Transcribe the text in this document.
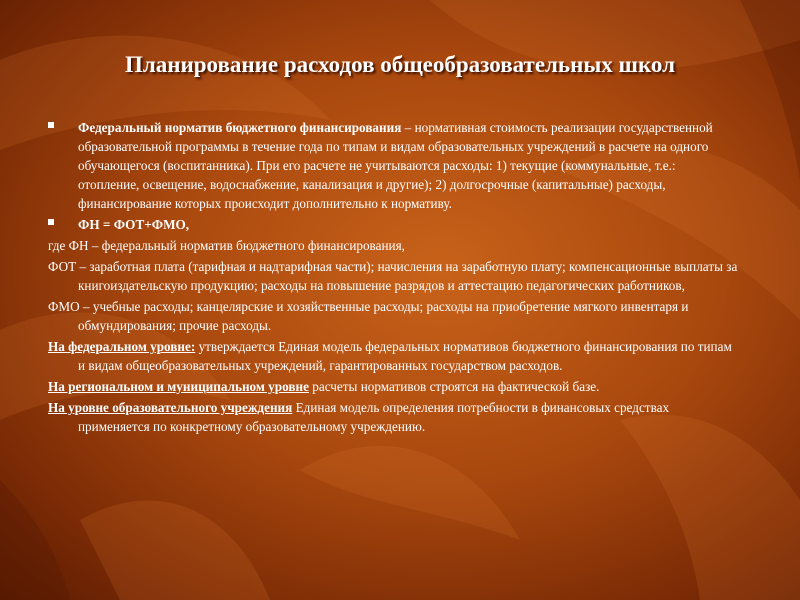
Планирование расходов общеобразовательных школ
Федеральный норматив бюджетного финансирования – нормативная стоимость реализации государственной образовательной программы в течение года по типам и видам образовательных учреждений в расчете на одного обучающегося (воспитанника). При его расчете не учитываются расходы: 1) текущие (коммунальные, т.е.: отопление, освещение, водоснабжение, канализация и другие); 2) долгосрочные (капитальные) расходы, финансирование которых происходит дополнительно к нормативу.
ФН = ФОТ+ФМО,
где ФН – федеральный норматив бюджетного финансирования,
ФОТ – заработная плата (тарифная и надтарифная части); начисления на заработную плату; компенсационные выплаты за книгоиздательскую продукцию; расходы на повышение разрядов и аттестацию педагогических работников,
ФМО – учебные расходы; канцелярские и хозяйственные расходы; расходы на приобретение мягкого инвентаря и обмундирования; прочие расходы.
На федеральном уровне: утверждается Единая модель федеральных нормативов бюджетного финансирования по типам и видам общеобразовательных учреждений, гарантированных государством расходов.
На региональном и муниципальном уровне расчеты нормативов строятся на фактической базе.
На уровне образовательного учреждения Единая модель определения потребности в финансовых средствах применяется по конкретному образовательному учреждению.
